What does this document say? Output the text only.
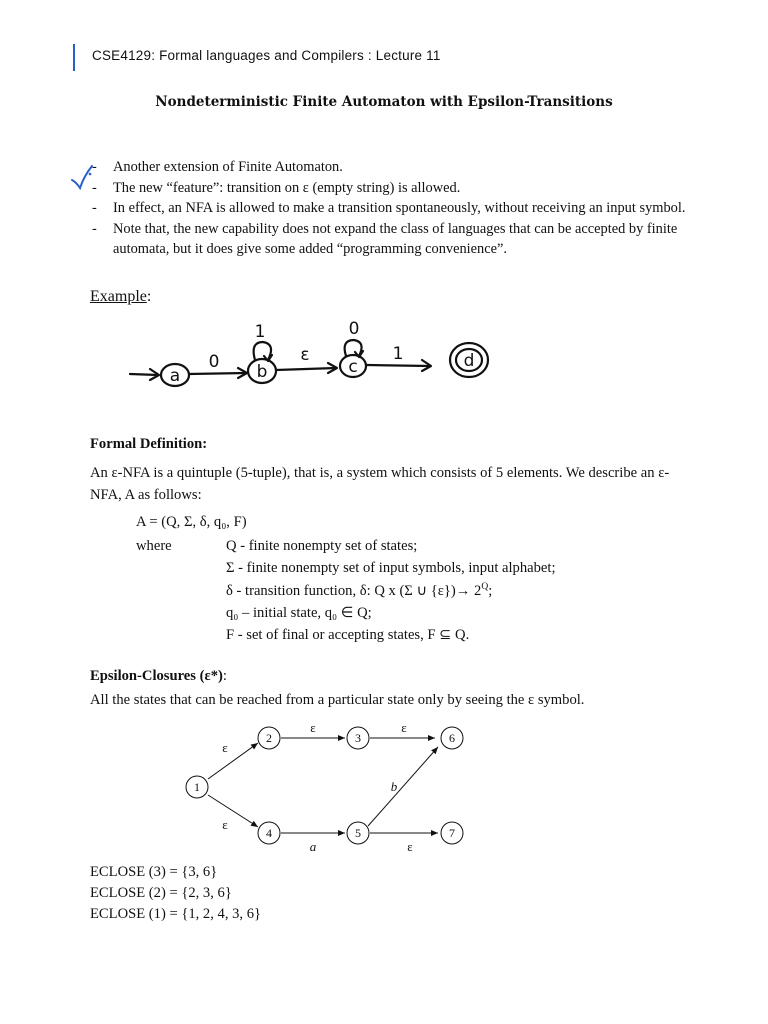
CSE4129: Formal languages and Compilers : Lecture 11
Nondeterministic Finite Automaton with Epsilon-Transitions
- Another extension of Finite Automaton.
- The new “feature”: transition on ε (empty string) is allowed.
- In effect, an NFA is allowed to make a transition spontaneously, without receiving an input symbol.
- Note that, the new capability does not expand the class of languages that can be accepted by finite automata, but it does give some added “programming convenience”.
Example:
a	b	c	d
0
1
ε
0
1
Formal Definition:
An ε-NFA is a quintuple (5-tuple), that is, a system which consists of 5 elements. We describe an ε-NFA, A as follows:
A = (Q, Σ, δ, q₀, F)
where	Q - finite nonempty set of states;
Σ - finite nonempty set of input symbols, input alphabet;
δ - transition function, δ: Q x (Σ ∪ $\{\varepsilon\})\to 2^Q$;
q₀ – initial state, q₀ ∈ Q;
F - set of final or accepting states, F ⊆ Q.
Epsilon-Closures (ε*):
All the states that can be reached from a particular state only by seeing the ε symbol.
1
2	3
4	5
6
7
ε
ε	ε
ε
a
b
ε
ECLOSE (3) = {3, 6}
ECLOSE (2) = {2, 3, 6}
ECLOSE (1) = {1, 2, 4, 3, 6}
